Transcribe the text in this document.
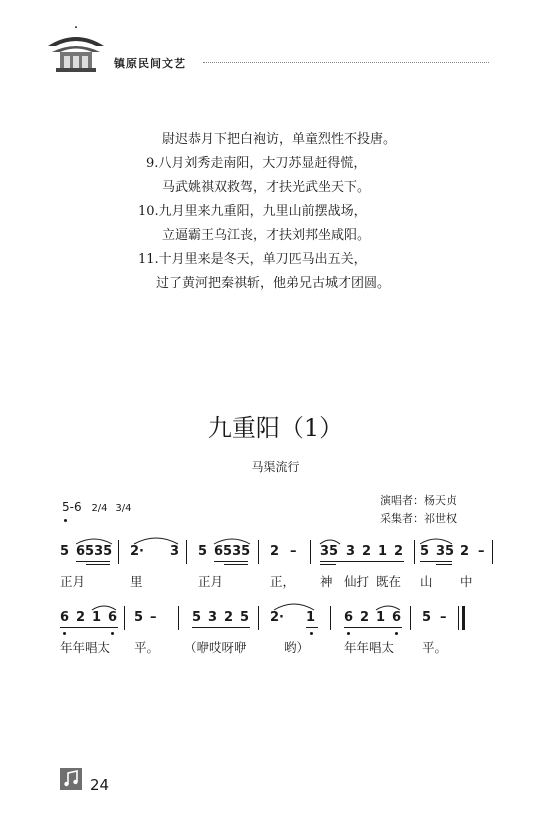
镇原民间文艺
尉迟恭月下把白袍访，单童烈性不投唐。
9.八月刘秀走南阳，大刀苏显赶得慌，
马武姚祺双救驾，才扶光武坐天下。
10.九月里来九重阳，九里山前摆战场，
立逼霸王乌江丧，才扶刘邦坐咸阳。
11.十月里来是冬天，单刀匹马出五关，
过了黄河把秦祺斩，他弟兄古城才团圆。
九重阳（1）
马渠流行
演唱者：杨天贞
采集者：祁世权
5-6 2/4 3/4
5 6535 2· 3 5 6535 2 – 35 3 2 1 2 5 35 2 –
正月	里	正月	正， 神 仙打 既在 山 中
6 2 1 6 5 –	5 3 2 5 2· 1 6 2 1 6 5 –
年年唱太 平。 （咿哎呀咿	哟）	年年唱太 平。
24
